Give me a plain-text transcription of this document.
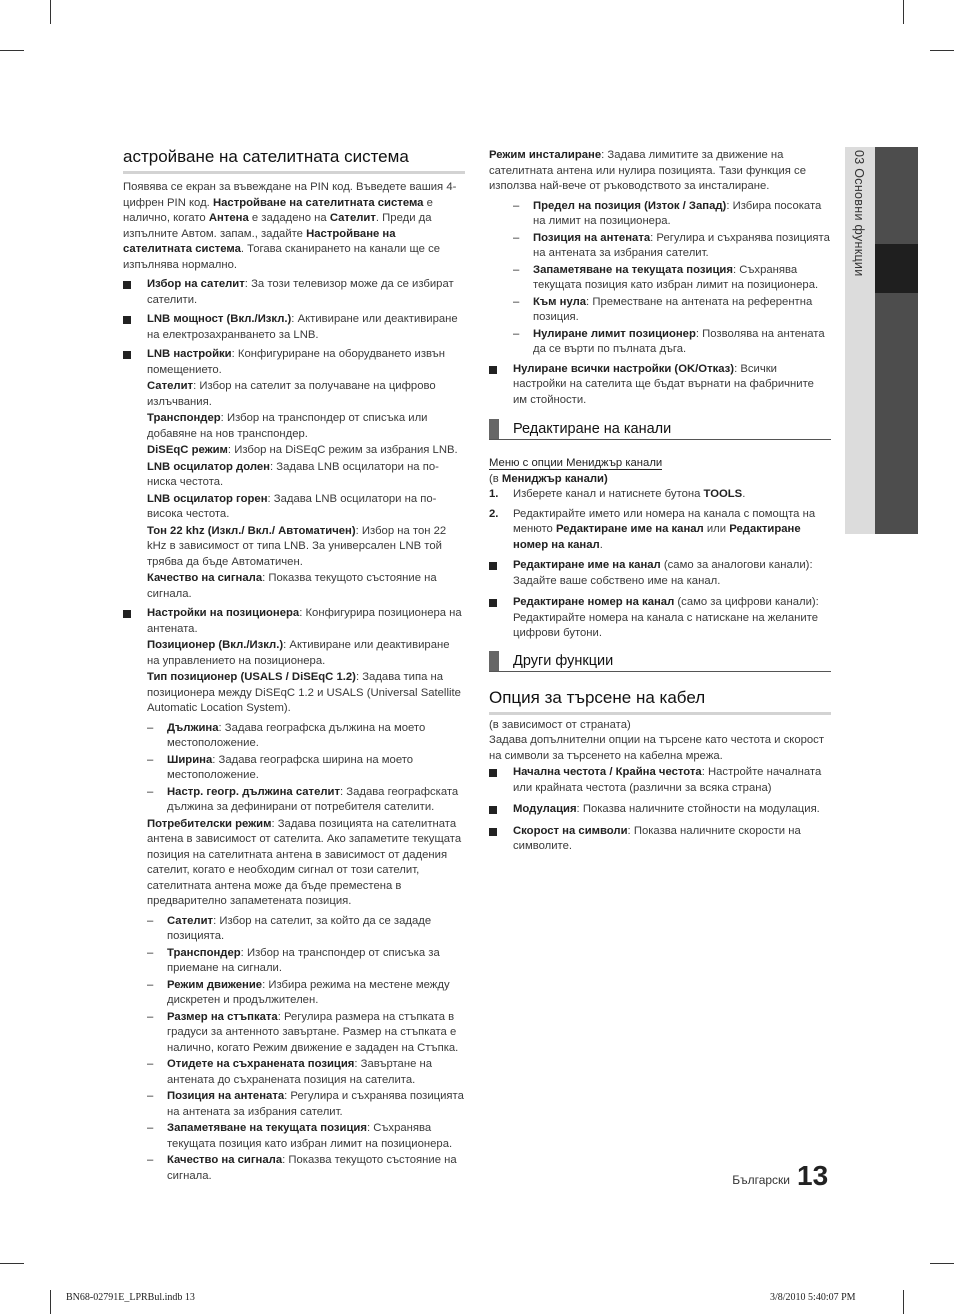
астройване на сателитната система

Появява се екран за въвеждане на PIN код. Въведете вашия 4-цифрен PIN код. Настройване на сателитната система е налично, когато Антена е зададено на Сателит. Преди да изпълните Автом. запам., задайте Настройване на сателитната система. Тогава сканирането на канали ще се изпълнява нормално.

Избор на сателит: За този телевизор може да се избират сателити.

LNB мощност (Вкл./Изкл.): Активиране или деактивиране на електрозахранването за LNB.

LNB настройки: Конфигуриране на оборудването извън помещението.

Сателит: Избор на сателит за получаване на цифрово излъчвания.

Транспондер: Избор на транспондер от списъка или добавяне на нов транспондер.

DiSEqC режим: Избор на DiSEqC режим за избрания LNB.

LNB осцилатор долен: Задава LNB осцилатори на по-ниска честота.

LNB осцилатор горен: Задава LNB осцилатори на по-висока честота.

Тон 22 khz (Изкл./ Вкл./ Автоматичен): Избор на тон 22 kHz в зависимост от типа LNB. За универсален LNB той трябва да бъде Автоматичен.

Качество на сигнала: Показва текущото състояние на сигнала.

Настройки на позиционера: Конфигурира позиционера на антената.

Позиционер (Вкл./Изкл.): Активиране или деактивиране на управлението на позиционера.

Тип позиционер (USALS / DiSEqC 1.2): Задава типа на позиционера между DiSEqC 1.2 и USALS (Universal Satellite Automatic Location System).

– Дължина: Задава географска дължина на моето местоположение.

– Ширина: Задава географска ширина на моето местоположение.

– Настр. геогр. дължина сателит: Задава географската дължина за дефинирани от потребителя сателити.

Потребителски режим: Задава позицията на сателитната антена в зависимост от сателита. Ако запаметите текущата позиция на сателитната антена в зависимост от дадения сателит, когато е необходим сигнал от този сателит, сателитната антена може да бъде преместена в предварително запаметената позиция.

– Сателит: Избор на сателит, за който да се зададе позицията.

– Транспондер: Избор на транспондер от списъка за приемане на сигнали.

– Режим движение: Избира режима на местене между дискретен и продължителен.

– Размер на стъпката: Регулира размера на стъпката в градуси за антенното завъртане. Размер на стъпката е налично, когато Режим движение е зададен на Стъпка.

– Отидете на съхранената позиция: Завъртане на антената до съхранената позиция на сателита.

– Позиция на антената: Регулира и съхранява позицията на антената за избрания сателит.

– Запаметяване на текущата позиция: Съхранява текущата позиция като избран лимит на позиционера.

– Качество на сигнала: Показва текущото състояние на сигнала.

Режим инсталиране: Задава лимитите за движение на сателитната антена или нулира позицията. Тази функция се използва най-вече от ръководството за инсталиране.

– Предел на позиция (Изток / Запад): Избира посоката на лимит на позиционера.

– Позиция на антената: Регулира и съхранява позицията на антената за избрания сателит.

– Запаметяване на текущата позиция: Съхранява текущата позиция като избран лимит на позиционера.

– Към нула: Преместване на антената на референтна позиция.

– Нулиране лимит позиционер: Позволява на антената да се върти по пълната дъга.

Нулиране всички настройки (OK/Отказ): Всички настройки на сателита ще бъдат върнати на фабричните им стойности.

Редактиране на канали

Меню с опции Мениджър канали

(в Мениджър канали)

1. Изберете канал и натиснете бутона TOOLS.

2. Редактирайте името или номера на канала с помощта на менюто Редактиране име на канал или Редактиране номер на канал.

Редактиране име на канал (само за аналогови канали): Задайте ваше собствено име на канал.

Редактиране номер на канал (само за цифрови канали): Редактирайте номера на канала с натискане на желаните цифрови бутони.

Други функции
Опция за търсене на кабел

(в зависимост от страната)

Задава допълнителни опции на търсене като честота и скорост на символи за търсенето на кабелна мрежа.

Начална честота / Крайна честота: Настройте началната или крайната честота (различни за всяка страна)

Модулация: Показва наличните стойности на модулация.

Скорост на символи: Показва наличните скорости на символите.

03 Основни функции
Български 13
BN68-02791E_LPRBul.indb 13	3/8/2010 5:40:07 PM
